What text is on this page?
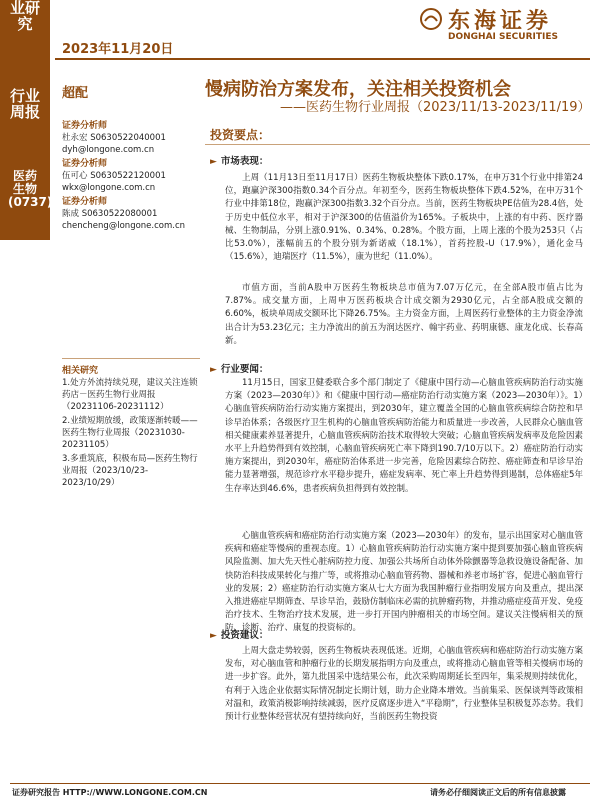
业研究
行业周报
医药生物(0737)
2023年11月20日
东海证券
DONGHAI SECURITIES
超配	慢病防治方案发布，关注相关投资机会
——医药生物行业周报（2023/11/13-2023/11/19）
证券分析师
杜永宏 S0630522040001
dyh@longone.com.cn
证券分析师
伍可心 S0630522120001
wkx@longone.com.cn
证券分析师
陈成 S0630522080001
chencheng@longone.com.cn
相关研究
1.处方外流持续兑现，建议关注连锁药店－医药生物行业周报（20231106-20231112）
2.业绩短期放缓，政策逐渐转暖——医药生物行业周报（20231030-20231105）
3.多重筑底，积极布局—医药生物行业周报（2023/10/23-2023/10/29）
投资要点：
► 市场表现：
上周（11月13日至11月17日）医药生物板块整体下跌0.17%，在申万31个行业中排第24位，跑赢沪深300指数0.34个百分点。年初至今，医药生物板块整体下跌4.52%，在申万31个行业中排第18位，跑赢沪深300指数3.32个百分点。当前，医药生物板块PE估值为28.4倍，处于历史中低位水平，相对于沪深300的估值溢价为165%。子板块中，上涨的有中药、医疗器械、生物制品，分别上涨0.91%、0.34%、0.28%。个股方面，上周上涨的个股为253只（占比53.0%），涨幅前五的个股分别为新诺威（18.1%），首药控股-U（17.9%），通化金马（15.6%），迪瑞医疗（11.5%），康为世纪（11.0%）。
市值方面，当前A股申万医药生物板块总市值为7.07万亿元，在全部A股市值占比为7.87%。成交量方面，上周申万医药板块合计成交额为2930亿元，占全部A股成交额的6.60%，板块单周成交额环比下降26.75%。主力资金方面，上周医药行业整体的主力资金净流出合计为53.23亿元；主力净流出的前五为润达医疗、翰宇药业、药明康德、康龙化成、长春高新。
► 行业要闻：
11月15日，国家卫健委联合多个部门制定了《健康中国行动—心脑血管疾病防治行动实施方案（2023—2030年）》和《健康中国行动—癌症防治行动实施方案（2023—2030年）》。1）心脑血管疾病防治行动实施方案提出，到2030年，建立覆盖全国的心脑血管疾病综合防控和早诊早治体系；各级医疗卫生机构的心脑血管疾病防治能力和质量进一步改善，人民群众心脑血管相关健康素养显著提升，心脑血管疾病防治技术取得较大突破；心脑血管疾病发病率及危险因素水平上升趋势得到有效控制，心脑血管疾病死亡率下降到190.7/10万以下。2）癌症防治行动实施方案提出，到2030年，癌症防治体系进一步完善，危险因素综合防控、癌症筛查和早诊早治能力显著增强，规范诊疗水平稳步提升，癌症发病率、死亡率上升趋势得到遏制，总体癌症5年生存率达到46.6%，患者疾病负担得到有效控制。
心脑血管疾病和癌症防治行动实施方案（2023—2030年）的发布，显示出国家对心脑血管疾病和癌症等慢病的重视态度。1）心脑血管疾病防治行动实施方案中提到要加强心脑血管疾病风险监测、加大先天性心脏病防控力度、加强公共场所自动体外除颤器等急救设施设备配备、加快防治科技成果转化与推广等，或将推动心脑血管药物、器械和养老市场扩容，促进心脑血管行业的发展；2）癌症防治行动实施方案从七大方面为我国肿瘤行业指明发展方向及重点，提出深入推进癌症早期筛查、早诊早治，鼓励仿制临床必需的抗肿瘤药物，并推动癌症疫苗开发、免疫治疗技术、生物治疗技术发展，进一步打开国内肿瘤相关的市场空间。建议关注慢病相关的预防、诊断、治疗、康复的投资标的。
► 投资建议：
上周大盘走势较弱，医药生物板块表现低迷。近期，心脑血管疾病和癌症防治行动实施方案发布，对心脑血管和肿瘤行业的长期发展指明方向及重点，或将推动心脑血管等相关慢病市场的进一步扩容。此外，第九批国采中选结果公布，此次采购周期延长至四年，集采规则持续优化，有利于入选企业依据实际情况制定长期计划，助力企业降本增效。当前集采、医保谈判等政策相对温和，政策消极影响持续减弱，医疗反腐逐步进入“平稳期”，行业整体呈积极复苏态势。我们预计行业整体经营状况有望持续向好，当前医药生物投资
证券研究报告 HTTP://WWW.LONGONE.COM.CN	请务必仔细阅读正文后的所有信息披露
